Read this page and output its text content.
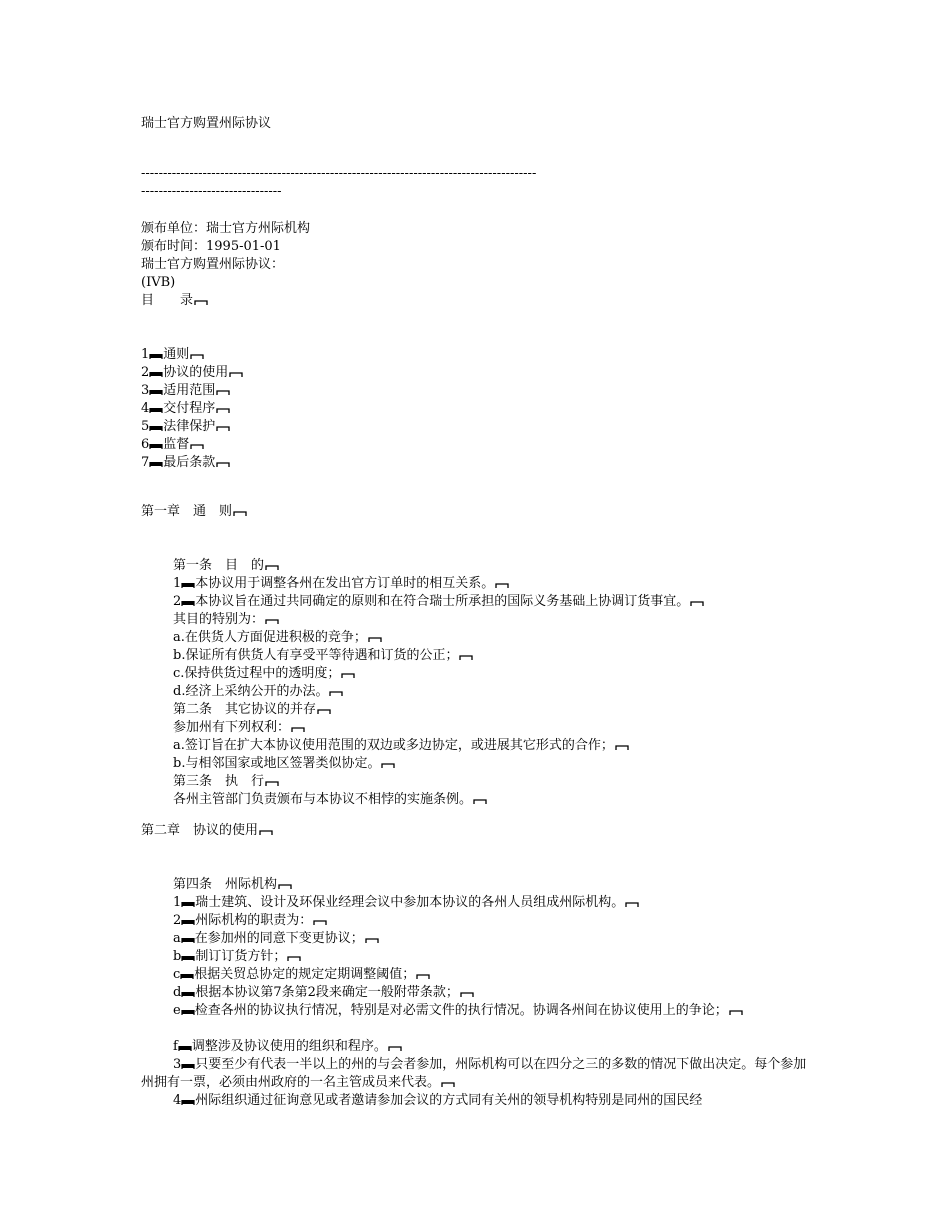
瑞士官方购置州际协议
------------------------------------------------------------------------------------------
--------------------------------
颁布单位：瑞士官方州际机构
颁布时间：1995-01-01
瑞士官方购置州际协议：
(IVB)
目　　录
1 通则
2 协议的使用
3 适用范围
4 交付程序
5 法律保护
6 监督
7 最后条款
第一章　通　则
第一条　目　的
1 本协议用于调整各州在发出官方订单时的相互关系。
2 本协议旨在通过共同确定的原则和在符合瑞士所承担的国际义务基础上协调订货事宜。
其目的特别为：
a.在供货人方面促进积极的竞争；
b.保证所有供货人有享受平等待遇和订货的公正；
c.保持供货过程中的透明度；
d.经济上采纳公开的办法。
第二条　其它协议的并存
参加州有下列权利：
a.签订旨在扩大本协议使用范围的双边或多边协定，或进展其它形式的合作；
b.与相邻国家或地区签署类似协定。
第三条　执　行
各州主管部门负责颁布与本协议不相悖的实施条例。
第二章　协议的使用
第四条　州际机构
1 瑞士建筑、设计及环保业经理会议中参加本协议的各州人员组成州际机构。
2 州际机构的职责为：
a 在参加州的同意下变更协议；
b 制订订货方针；
c 根据关贸总协定的规定定期调整阈值；
d 根据本协议第7条第2段来确定一般附带条款；
e 检查各州的协议执行情况，特别是对必需文件的执行情况。协调各州间在协议使用上的争论；
f 调整涉及协议使用的组织和程序。
3 只要至少有代表一半以上的州的与会者参加，州际机构可以在四分之三的多数的情况下做出决定。每个参加州拥有一票，必须由州政府的一名主管成员来代表。
4 州际组织通过征询意见或者邀请参加会议的方式同有关州的领导机构特别是同州的国民经
